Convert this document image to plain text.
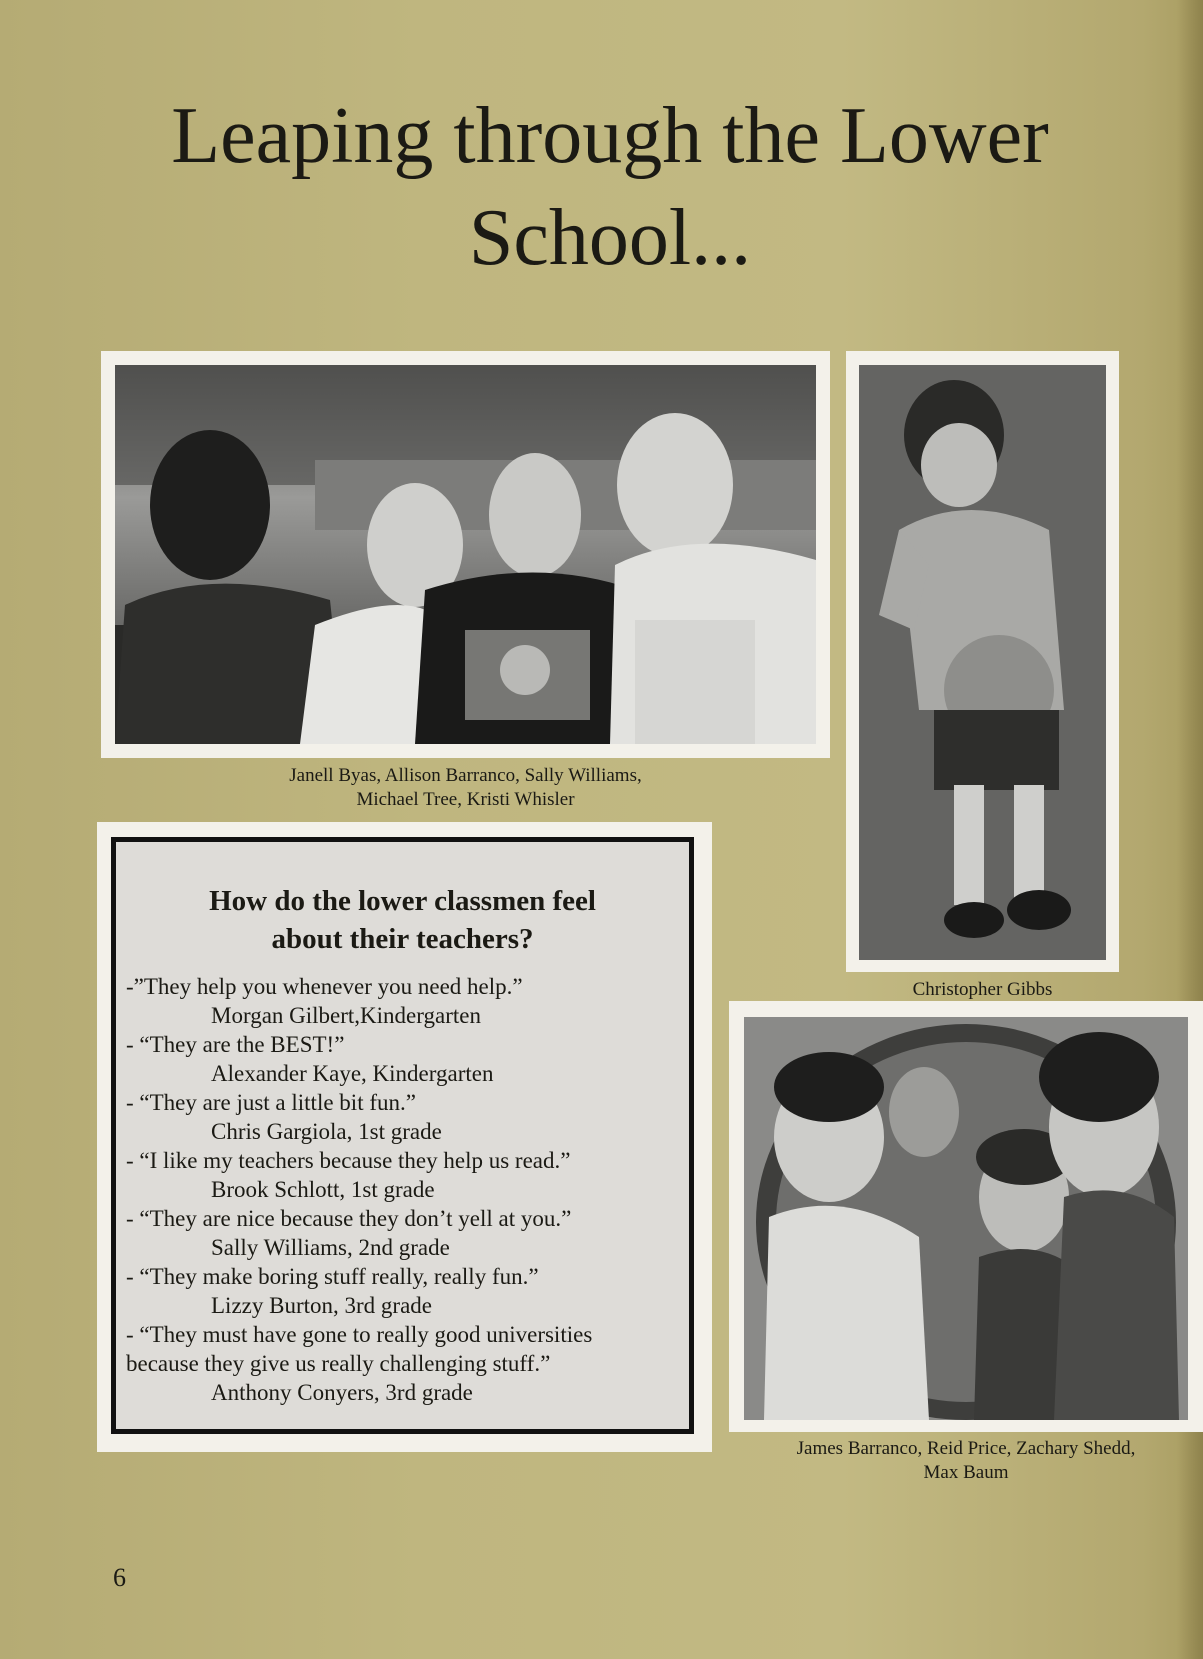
Leaping through the Lower
School...
Janell Byas, Allison Barranco, Sally Williams,
Michael Tree, Kristi Whisler
Christopher Gibbs
How do the lower classmen feel
about their teachers?
-”They help you whenever you need help.”
Morgan Gilbert,Kindergarten
- “They are the BEST!”
Alexander Kaye, Kindergarten
- “They are just a little bit fun.”
Chris Gargiola, 1st grade
- “I like my teachers because they help us read.”
Brook Schlott, 1st grade
- “They are nice because they don’t yell at you.”
Sally Williams, 2nd grade
- “They make boring stuff really, really fun.”
Lizzy Burton, 3rd grade
- “They must have gone to really good universities
because they give us really challenging stuff.”
Anthony Conyers, 3rd grade
James Barranco, Reid Price, Zachary Shedd,
Max Baum
6
